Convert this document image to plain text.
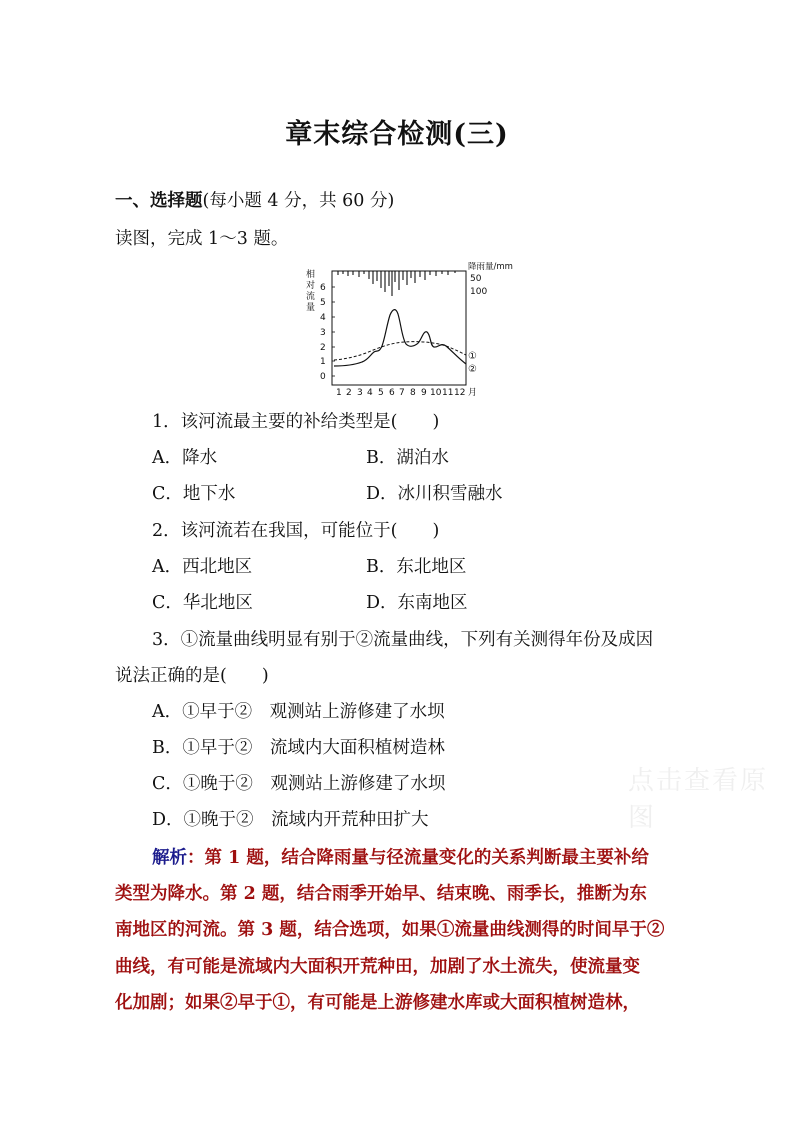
章末综合检测(三)
一、选择题(每小题 4 分，共 60 分)
读图，完成 1～3 题。
相
对
流
量
0
1
2
3
4
5
6
降雨量/mm
50
100
①
②
1 2 3 4 5 6 7 8 9 10 11 12 月
1．该河流最主要的补给类型是(　　)
A．降水	B．湖泊水
C．地下水	D．冰川积雪融水
2．该河流若在我国，可能位于(　　)
A．西北地区	B．东北地区
C．华北地区	D．东南地区
3．①流量曲线明显有别于②流量曲线，下列有关测得年份及成因
说法正确的是(　　)
A．①早于②　观测站上游修建了水坝
B．①早于②　流域内大面积植树造林
C．①晚于②　观测站上游修建了水坝
D．①晚于②　流域内开荒种田扩大
点击查看原图
解析：第 1 题，结合降雨量与径流量变化的关系判断最主要补给
类型为降水。第 2 题，结合雨季开始早、结束晚、雨季长，推断为东
南地区的河流。第 3 题，结合选项，如果①流量曲线测得的时间早于②
曲线，有可能是流域内大面积开荒种田，加剧了水土流失，使流量变
化加剧；如果②早于①，有可能是上游修建水库或大面积植树造林，
